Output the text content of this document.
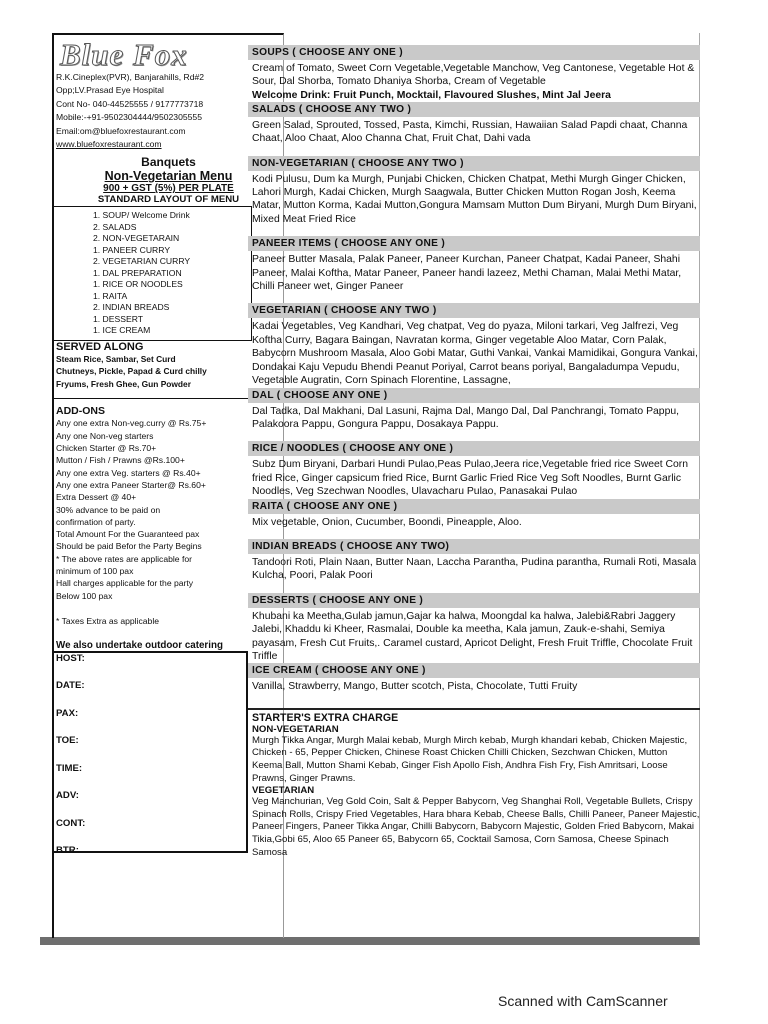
Blue Fox
R.K.Cineplex(PVR), Banjarahills, Rd#2
Opp;LV.Prasad Eye Hospital
Cont No- 040-44525555 / 9177773718
Mobile:-+91-9502304444/9502305555
Email:om@bluefoxrestaurant.com
www.bluefoxrestaurant.com
Banquets
Non-Vegetarian Menu
900 + GST (5%) PER PLATE
STANDARD LAYOUT OF MENU
1. SOUP/ Welcome Drink
2. SALADS
2. NON-VEGETARAIN
1. PANEER CURRY
2. VEGETARIAN CURRY
1. DAL PREPARATION
1. RICE OR NOODLES
1. RAITA
2. INDIAN BREADS
1. DESSERT
1. ICE CREAM
SERVED ALONG
Steam Rice, Sambar, Set Curd
Chutneys, Pickle, Papad & Curd chilly
Fryums, Fresh Ghee, Gun Powder
ADD-ONS
Any one extra Non-veg.curry @ Rs.75+
Any one Non-veg starters
Chicken Starter @ Rs.70+
Mutton / Fish / Prawns @Rs.100+
Any one extra Veg. starters @ Rs.40+
Any one extra Paneer Starter@ Rs.60+
Extra Dessert @ 40+
30% advance to be paid on
confirmation of party.
Total Amount For the Guaranteed pax
Should be paid Befor the Party Begins
* The above rates are applicable for
minimum of 100 pax
Hall charges applicable for the party
Below 100 pax
* Taxes Extra as applicable
We also undertake outdoor catering
HOST:
DATE:
PAX:
TOE:
TIME:
ADV:
CONT:
BTR:
SOUPS ( CHOOSE ANY ONE )
Cream of Tomato, Sweet Corn Vegetable,Vegetable Manchow, Veg Cantonese, Vegetable Hot & Sour, Dal Shorba, Tomato Dhaniya Shorba, Cream of Vegetable
Welcome Drink: Fruit Punch, Mocktail, Flavoured Slushes, Mint Jal Jeera
SALADS ( CHOOSE ANY TWO )
Green Salad, Sprouted, Tossed, Pasta, Kimchi, Russian, Hawaiian Salad Papdi chaat, Channa Chaat, Aloo Chaat, Aloo Channa Chat, Fruit Chat, Dahi vada
NON-VEGETARIAN ( CHOOSE ANY TWO )
Kodi Pulusu, Dum ka Murgh, Punjabi Chicken, Chicken Chatpat, Methi Murgh Ginger Chicken, Lahori Murgh, Kadai Chicken, Murgh Saagwala, Butter Chicken Mutton Rogan Josh, Keema Matar, Mutton Korma, Kadai Mutton,Gongura Mamsam Mutton Dum Biryani, Murgh Dum Biryani, Mixed Meat Fried Rice
PANEER ITEMS ( CHOOSE ANY ONE )
Paneer Butter Masala, Palak Paneer, Paneer Kurchan, Paneer Chatpat, Kadai Paneer, Shahi Paneer, Malai Koftha, Matar Paneer, Paneer handi lazeez, Methi Chaman, Malai Methi Matar, Chilli Paneer wet, Ginger Paneer
VEGETARIAN ( CHOOSE ANY TWO )
Kadai Vegetables, Veg Kandhari, Veg chatpat, Veg do pyaza, Miloni tarkari, Veg Jalfrezi, Veg Koftha Curry, Bagara Baingan, Navratan korma, Ginger vegetable Aloo Matar, Corn Palak, Babycorn Mushroom Masala, Aloo Gobi Matar, Guthi Vankai, Vankai Mamidikai, Gongura Vankai, Dondakai Kaju Vepudu Bhendi Peanut Poriyal, Carrot beans poriyal, Bangaladumpa Vepudu, Vegetable Augratin, Corn Spinach Florentine, Lassagne,
DAL ( CHOOSE ANY ONE )
Dal Tadka, Dal Makhani, Dal Lasuni, Rajma Dal, Mango Dal, Dal Panchrangi, Tomato Pappu, Palakoora Pappu, Gongura Pappu, Dosakaya Pappu.
RICE / NOODLES ( CHOOSE ANY ONE )
Subz Dum Biryani, Darbari Hundi Pulao,Peas Pulao,Jeera rice,Vegetable fried rice Sweet Corn fried Rice, Ginger capsicum fried Rice, Burnt Garlic Fried Rice Veg Soft Noodles, Burnt Garlic Noodles, Veg Szechwan Noodles, Ulavacharu Pulao, Panasakai Pulao
RAITA ( CHOOSE ANY ONE )
Mix vegetable, Onion, Cucumber, Boondi, Pineapple, Aloo.
INDIAN BREADS ( CHOOSE ANY TWO)
Tandoori Roti, Plain Naan, Butter Naan, Laccha Parantha, Pudina parantha, Rumali Roti, Masala Kulcha, Poori, Palak Poori
DESSERTS ( CHOOSE ANY ONE )
Khubani ka Meetha,Gulab jamun,Gajar ka halwa, Moongdal ka halwa, Jalebi&Rabri Jaggery Jalebi, Khaddu ki Kheer, Rasmalai, Double ka meetha, Kala jamun, Zauk-e-shahi, Semiya payasam, Fresh Cut Fruits,. Caramel custard, Apricot Delight, Fresh Fruit Triffle, Chocolate Fruit Triffle
ICE CREAM ( CHOOSE ANY ONE )
Vanilla, Strawberry, Mango, Butter scotch, Pista, Chocolate, Tutti Fruity
STARTER'S EXTRA CHARGE
NON-VEGETARIAN
Murgh Tikka Angar, Murgh Malai kebab, Murgh Mirch kebab, Murgh khandari kebab, Chicken Majestic, Chicken - 65, Pepper Chicken, Chinese Roast Chicken Chilli Chicken, Sezchwan Chicken, Mutton Keema Ball, Mutton Shami Kebab, Ginger Fish Apollo Fish, Andhra Fish Fry, Fish Amritsari, Loose Prawns, Ginger Prawns.
VEGETARIAN
Veg Manchurian, Veg Gold Coin, Salt & Pepper Babycorn, Veg Shanghai Roll, Vegetable Bullets, Crispy Spinach Rolls, Crispy Fried Vegetables, Hara bhara Kebab, Cheese Balls, Chilli Paneer, Paneer Majestic, Paneer Fingers, Paneer Tikka Angar, Chilli Babycorn, Babycorn Majestic, Golden Fried Babycorn, Makai Tikia,Gobi 65, Aloo 65 Paneer 65, Babycorn 65, Cocktail Samosa, Corn Samosa, Cheese Spinach Samosa
Scanned with CamScanner
